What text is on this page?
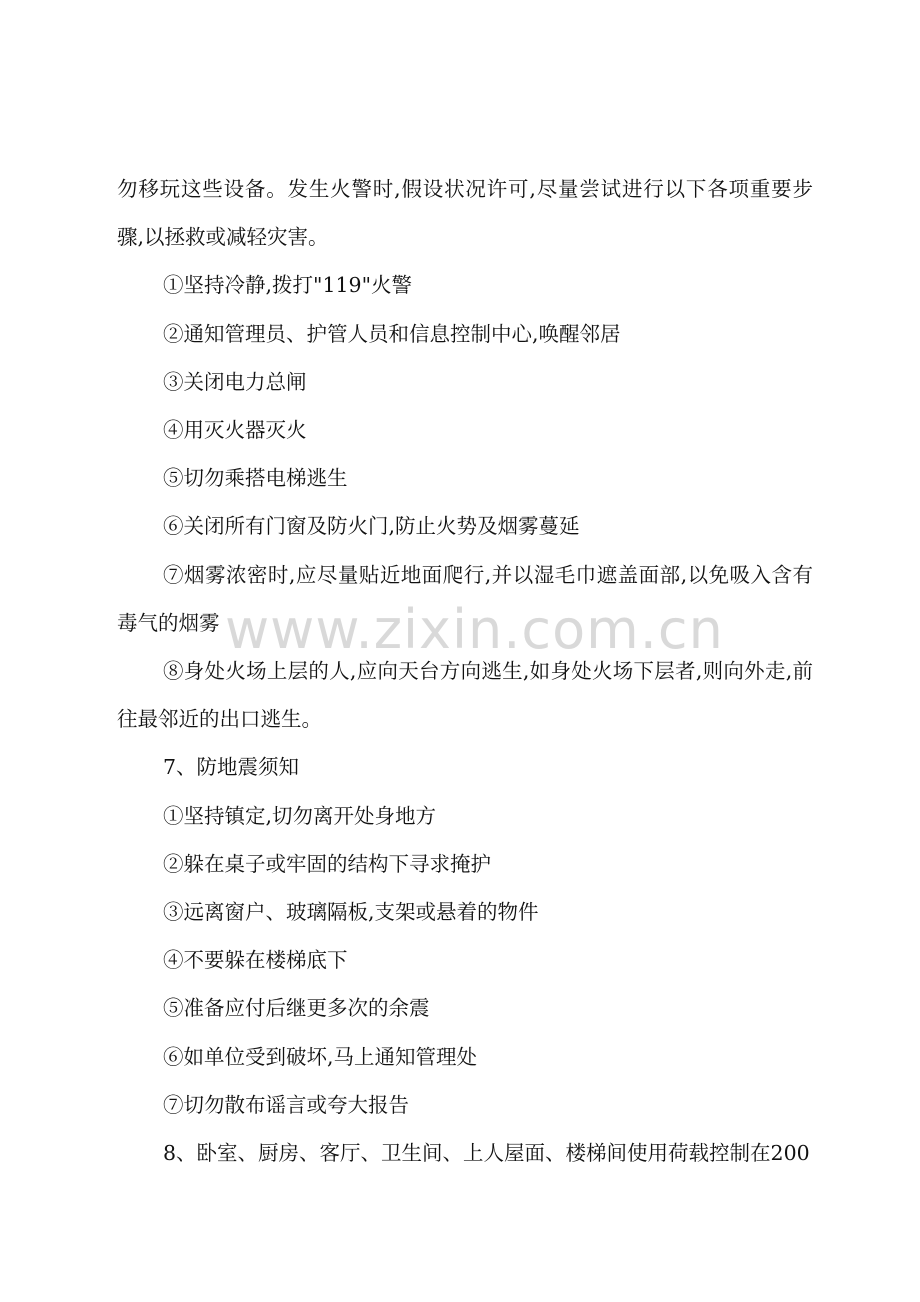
勿移玩这些设备。发生火警时,假设状况许可,尽量尝试进行以下各项重要步骤,以拯救或减轻灾害。

①坚持冷静,拨打"119"火警

②通知管理员、护管人员和信息控制中心,唤醒邻居

③关闭电力总闸

④用灭火器灭火

⑤切勿乘搭电梯逃生

⑥关闭所有门窗及防火门,防止火势及烟雾蔓延

⑦烟雾浓密时,应尽量贴近地面爬行,并以湿毛巾遮盖面部,以免吸入含有毒气的烟雾

⑧身处火场上层的人,应向天台方向逃生,如身处火场下层者,则向外走,前往最邻近的出口逃生。

7、防地震须知

①坚持镇定,切勿离开处身地方

②躲在桌子或牢固的结构下寻求掩护

③远离窗户、玻璃隔板,支架或悬着的物件

④不要躲在楼梯底下

⑤准备应付后继更多次的余震

⑥如单位受到破坏,马上通知管理处

⑦切勿散布谣言或夸大报告

8、卧室、厨房、客厅、卫生间、上人屋面、楼梯间使用荷载控制在200

www.zixin.com.cn
